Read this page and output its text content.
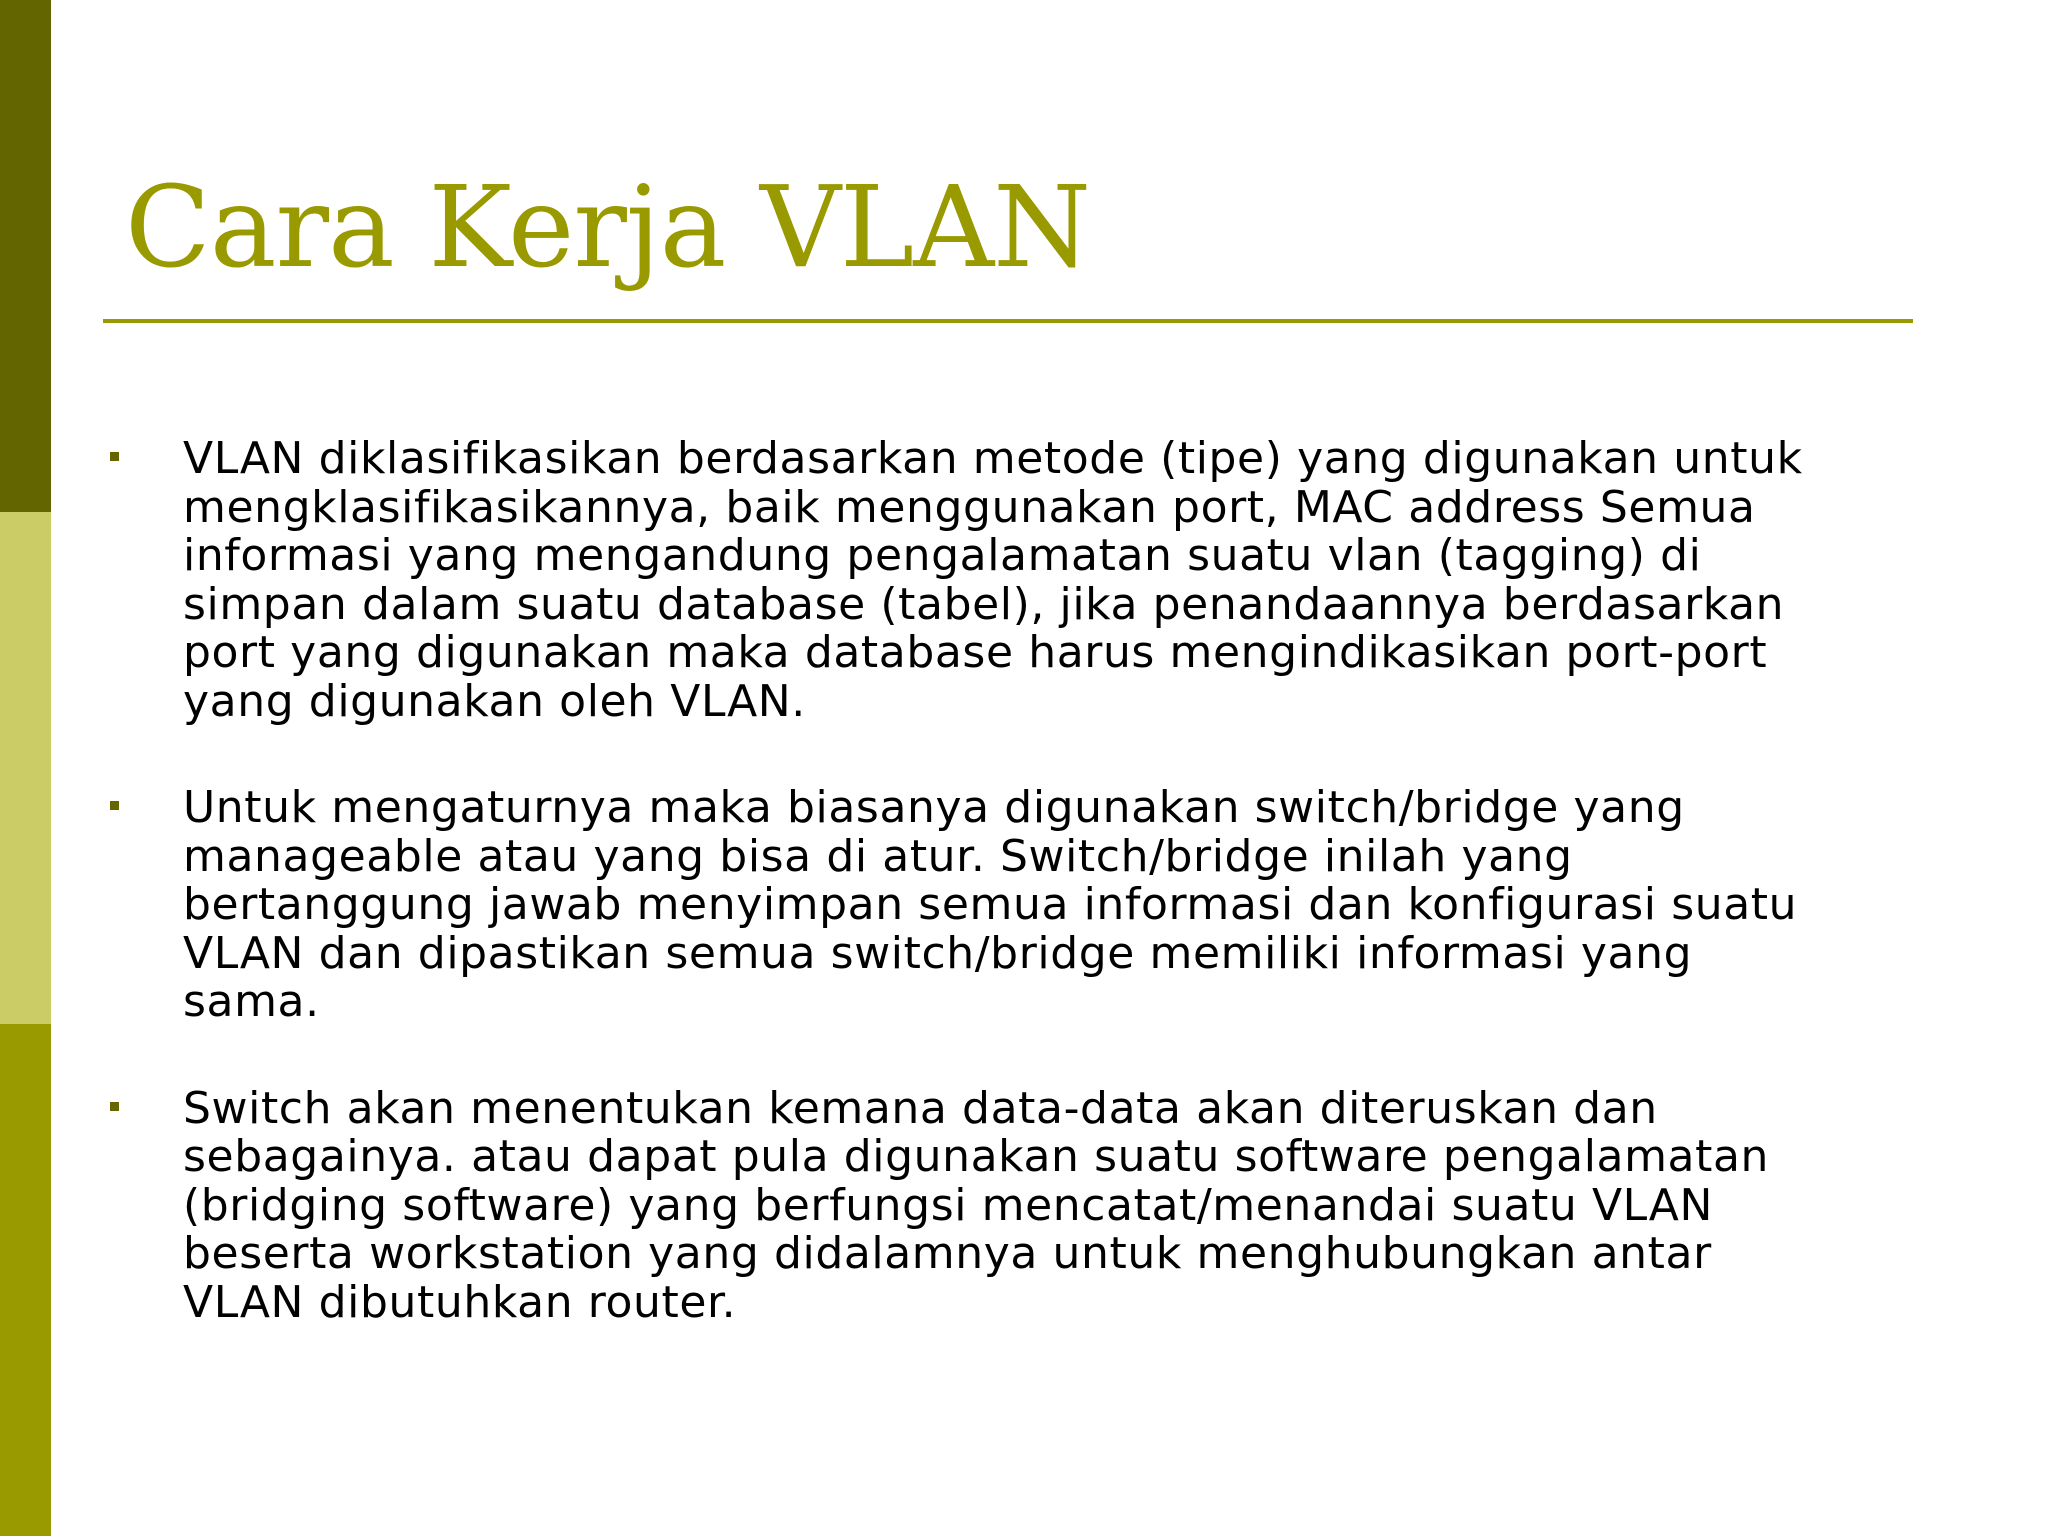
Cara Kerja VLAN
VLAN diklasifikasikan berdasarkan metode (tipe) yang digunakan untuk
mengklasifikasikannya, baik menggunakan port, MAC address Semua
informasi yang mengandung pengalamatan suatu vlan (tagging) di
simpan dalam suatu database (tabel), jika penandaannya berdasarkan
port yang digunakan maka database harus mengindikasikan port-port
yang digunakan oleh VLAN.
Untuk mengaturnya maka biasanya digunakan switch/bridge yang
manageable atau yang bisa di atur. Switch/bridge inilah yang
bertanggung jawab menyimpan semua informasi dan konfigurasi suatu
VLAN dan dipastikan semua switch/bridge memiliki informasi yang
sama.
Switch akan menentukan kemana data-data akan diteruskan dan
sebagainya. atau dapat pula digunakan suatu software pengalamatan
(bridging software) yang berfungsi mencatat/menandai suatu VLAN
beserta workstation yang didalamnya untuk menghubungkan antar
VLAN dibutuhkan router.
